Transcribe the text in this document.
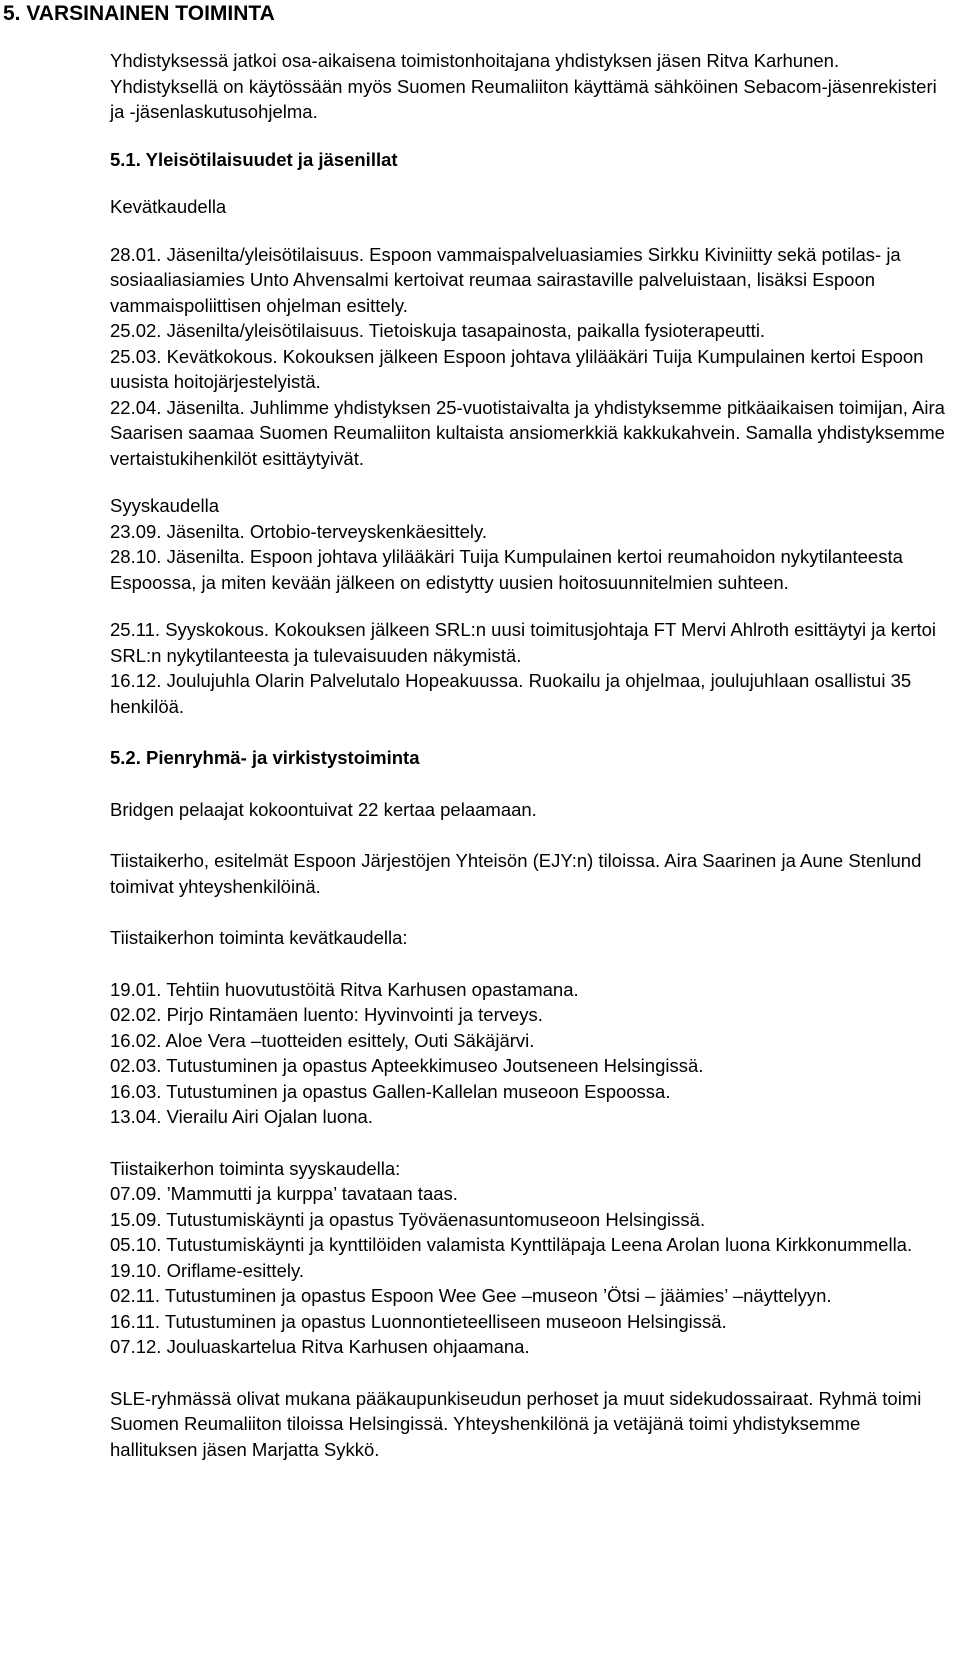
5. VARSINAINEN TOIMINTA

Yhdistyksessä jatkoi osa-aikaisena toimistonhoitajana yhdistyksen jäsen Ritva Karhunen. Yhdistyksellä on käytössään myös Suomen Reumaliiton käyttämä sähköinen Sebacom-jäsenrekisteri ja -jäsenlaskutusohjelma.

5.1. Yleisötilaisuudet ja jäsenillat

Kevätkaudella

28.01. Jäsenilta/yleisötilaisuus. Espoon vammaispalveluasiamies Sirkku Kiviniitty sekä potilas- ja sosiaaliasiamies Unto Ahvensalmi kertoivat reumaa sairastaville palveluistaan, lisäksi Espoon vammaispoliittisen ohjelman esittely.

25.02. Jäsenilta/yleisötilaisuus. Tietoiskuja tasapainosta, paikalla fysioterapeutti.

25.03. Kevätkokous. Kokouksen jälkeen Espoon johtava ylilääkäri Tuija Kumpulainen kertoi Espoon uusista hoitojärjestelyistä.

22.04. Jäsenilta. Juhlimme yhdistyksen 25-vuotistaivalta ja yhdistyksemme pitkäaikaisen toimijan, Aira Saarisen saamaa Suomen Reumaliiton kultaista ansiomerkkiä kakkukahvein. Samalla yhdistyksemme vertaistukihenkilöt esittäytyivät.

Syyskaudella

23.09. Jäsenilta. Ortobio-terveyskenkäesittely.

28.10. Jäsenilta. Espoon johtava ylilääkäri Tuija Kumpulainen kertoi reumahoidon nykytilanteesta Espoossa, ja miten kevään jälkeen on edistytty uusien hoitosuunnitelmien suhteen.

25.11. Syyskokous. Kokouksen jälkeen SRL:n uusi toimitusjohtaja FT Mervi Ahlroth esittäytyi ja kertoi SRL:n nykytilanteesta ja tulevaisuuden näkymistä.

16.12. Joulujuhla Olarin Palvelutalo Hopeakuussa. Ruokailu ja ohjelmaa, joulujuhlaan osallistui 35 henkilöä.

5.2. Pienryhmä- ja virkistystoiminta

Bridgen pelaajat kokoontuivat 22 kertaa pelaamaan.

Tiistaikerho, esitelmät Espoon Järjestöjen Yhteisön (EJY:n) tiloissa. Aira Saarinen ja Aune Stenlund toimivat yhteyshenkilöinä.

Tiistaikerhon toiminta kevätkaudella:

19.01. Tehtiin huovutustöitä Ritva Karhusen opastamana.

02.02. Pirjo Rintamäen luento: Hyvinvointi ja terveys.

16.02. Aloe Vera –tuotteiden esittely, Outi Säkäjärvi.

02.03. Tutustuminen ja opastus Apteekkimuseo Joutseneen Helsingissä.

16.03. Tutustuminen ja opastus Gallen-Kallelan museoon Espoossa.

13.04. Vierailu Airi Ojalan luona.

Tiistaikerhon toiminta syyskaudella:

07.09. ’Mammutti ja kurppa’ tavataan taas.

15.09. Tutustumiskäynti ja opastus Työväenasuntomuseoon Helsingissä.

05.10. Tutustumiskäynti ja kynttilöiden valamista Kynttiläpaja Leena Arolan luona Kirkkonummella.

19.10. Oriflame-esittely.

02.11. Tutustuminen ja opastus Espoon Wee Gee –museon ’Ötsi – jäämies’ –näyttelyyn.

16.11. Tutustuminen ja opastus Luonnontieteelliseen museoon Helsingissä.

07.12. Jouluaskartelua Ritva Karhusen ohjaamana.

SLE-ryhmässä olivat mukana pääkaupunkiseudun perhoset ja muut sidekudossairaat. Ryhmä toimi Suomen Reumaliiton tiloissa Helsingissä. Yhteyshenkilönä ja vetäjänä toimi yhdistyksemme hallituksen jäsen Marjatta Sykkö.
